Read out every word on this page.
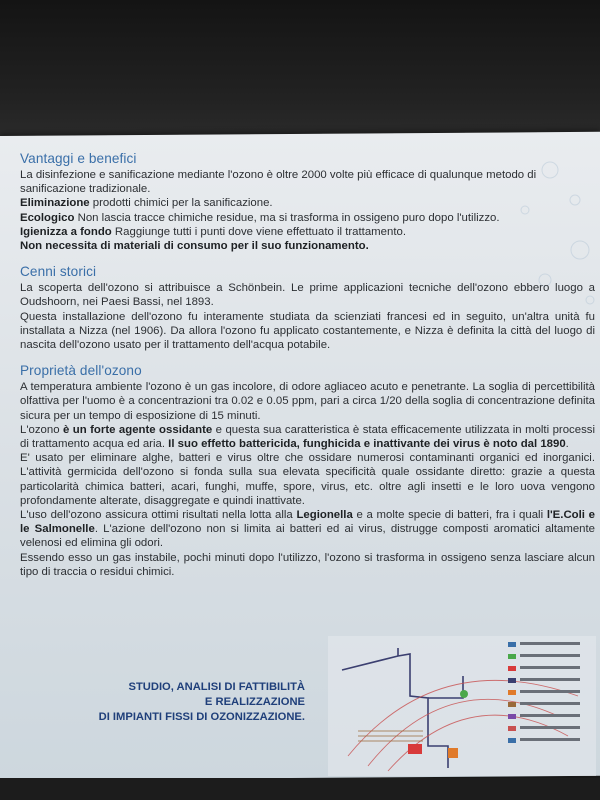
Vantaggi e benefici

La disinfezione e sanificazione mediante l'ozono è oltre 2000 volte più efficace di qualunque metodo di sanificazione tradizionale.

Eliminazione prodotti chimici per la sanificazione.

Ecologico Non lascia tracce chimiche residue, ma si trasforma in ossigeno puro dopo l'utilizzo.

Igienizza a fondo Raggiunge tutti i punti dove viene effettuato il trattamento.

Non necessita di materiali di consumo per il suo funzionamento.

Cenni storici

La scoperta dell'ozono si attribuisce a Schönbein. Le prime applicazioni tecniche dell'ozono ebbero luogo a Oudshoorn, nei Paesi Bassi, nel 1893.

Questa installazione dell'ozono fu interamente studiata da scienziati francesi ed in seguito, un'altra unità fu installata a Nizza (nel 1906). Da allora l'ozono fu applicato costantemente, e Nizza è definita la città del luogo di nascita dell'ozono usato per il trattamento dell'acqua potabile.

Proprietà dell'ozono

A temperatura ambiente l'ozono è un gas incolore, di odore agliaceo acuto e penetrante. La soglia di percettibilità olfattiva per l'uomo è a concentrazioni tra 0.02 e 0.05 ppm, pari a circa 1/20 della soglia di concentrazione definita sicura per un tempo di esposizione di 15 minuti.

L'ozono è un forte agente ossidante e questa sua caratteristica è stata efficacemente utilizzata in molti processi di trattamento acqua ed aria. Il suo effetto battericida, funghicida e inattivante dei virus è noto dal 1890.

E' usato per eliminare alghe, batteri e virus oltre che ossidare numerosi contaminanti organici ed inorganici. L'attività germicida dell'ozono si fonda sulla sua elevata specificità quale ossidante diretto: grazie a questa particolarità chimica batteri, acari, funghi, muffe, spore, virus, etc. oltre agli insetti e le loro uova vengono profondamente alterate, disaggregate e quindi inattivate.

L'uso dell'ozono assicura ottimi risultati nella lotta alla Legionella e a molte specie di batteri, fra i quali l'E.Coli e le Salmonelle. L'azione dell'ozono non si limita ai batteri ed ai virus, distrugge composti aromatici altamente velenosi ed elimina gli odori.

Essendo esso un gas instabile, pochi minuti dopo l'utilizzo, l'ozono si trasforma in ossigeno senza lasciare alcun tipo di traccia o residui chimici.

STUDIO, ANALISI DI FATTIBILITÀ
E REALIZZAZIONE
DI IMPIANTI FISSI DI OZONIZZAZIONE.
